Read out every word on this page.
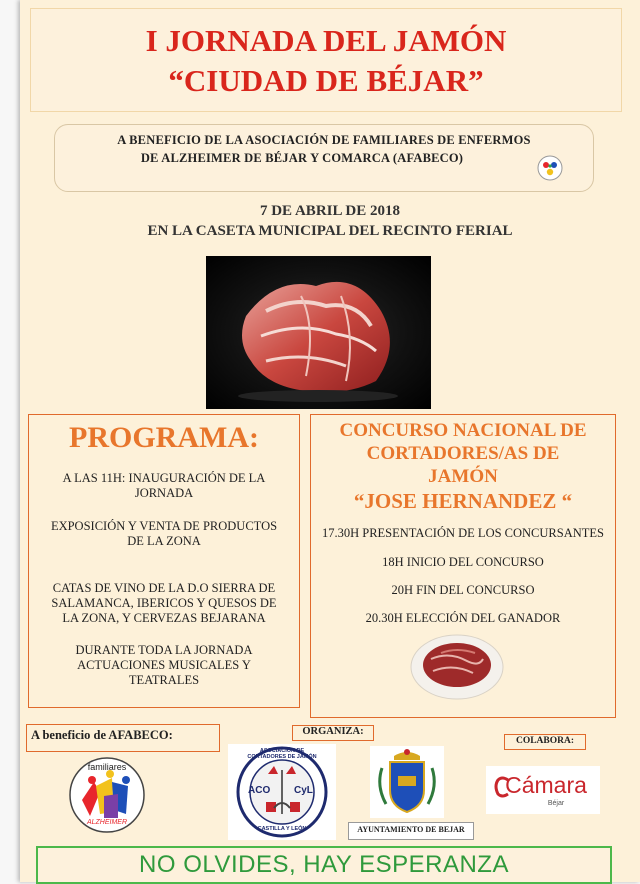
I JORNADA DEL JAMÓN
“CIUDAD DE BÉJAR”
A BENEFICIO DE LA ASOCIACIÓN DE FAMILIARES DE ENFERMOS
DE ALZHEIMER DE BÉJAR Y COMARCA (AFABECO)
7 DE ABRIL DE 2018
EN LA CASETA MUNICIPAL DEL RECINTO FERIAL
PROGRAMA:
A LAS 11H: INAUGURACIÓN DE LA
JORNADA
EXPOSICIÓN Y VENTA DE PRODUCTOS
DE LA ZONA
CATAS DE VINO DE LA D.O SIERRA DE
SALAMANCA, IBERICOS Y QUESOS DE
LA ZONA, Y CERVEZAS BEJARANA
DURANTE TODA LA JORNADA
ACTUACIONES MUSICALES Y
TEATRALES
CONCURSO NACIONAL DE
CORTADORES/AS DE
JAMÓN
“JOSE HERNANDEZ “
17.30H PRESENTACIÓN DE LOS CONCURSANTES
18H INICIO DEL CONCURSO
20H FIN DEL CONCURSO
20.30H ELECCIÓN DEL GANADOR
A beneficio de AFABECO:	ORGANIZA:
COLABORA:
familiares
ALZHEIMER
ASOCIACIÓN DE CORTADORES DE JAMÓN
ACO CyL
CASTILLA Y LEÓN	AYUNTAMIENTO DE BEJAR
Cámara
Béjar
NO OLVIDES, HAY ESPERANZA
